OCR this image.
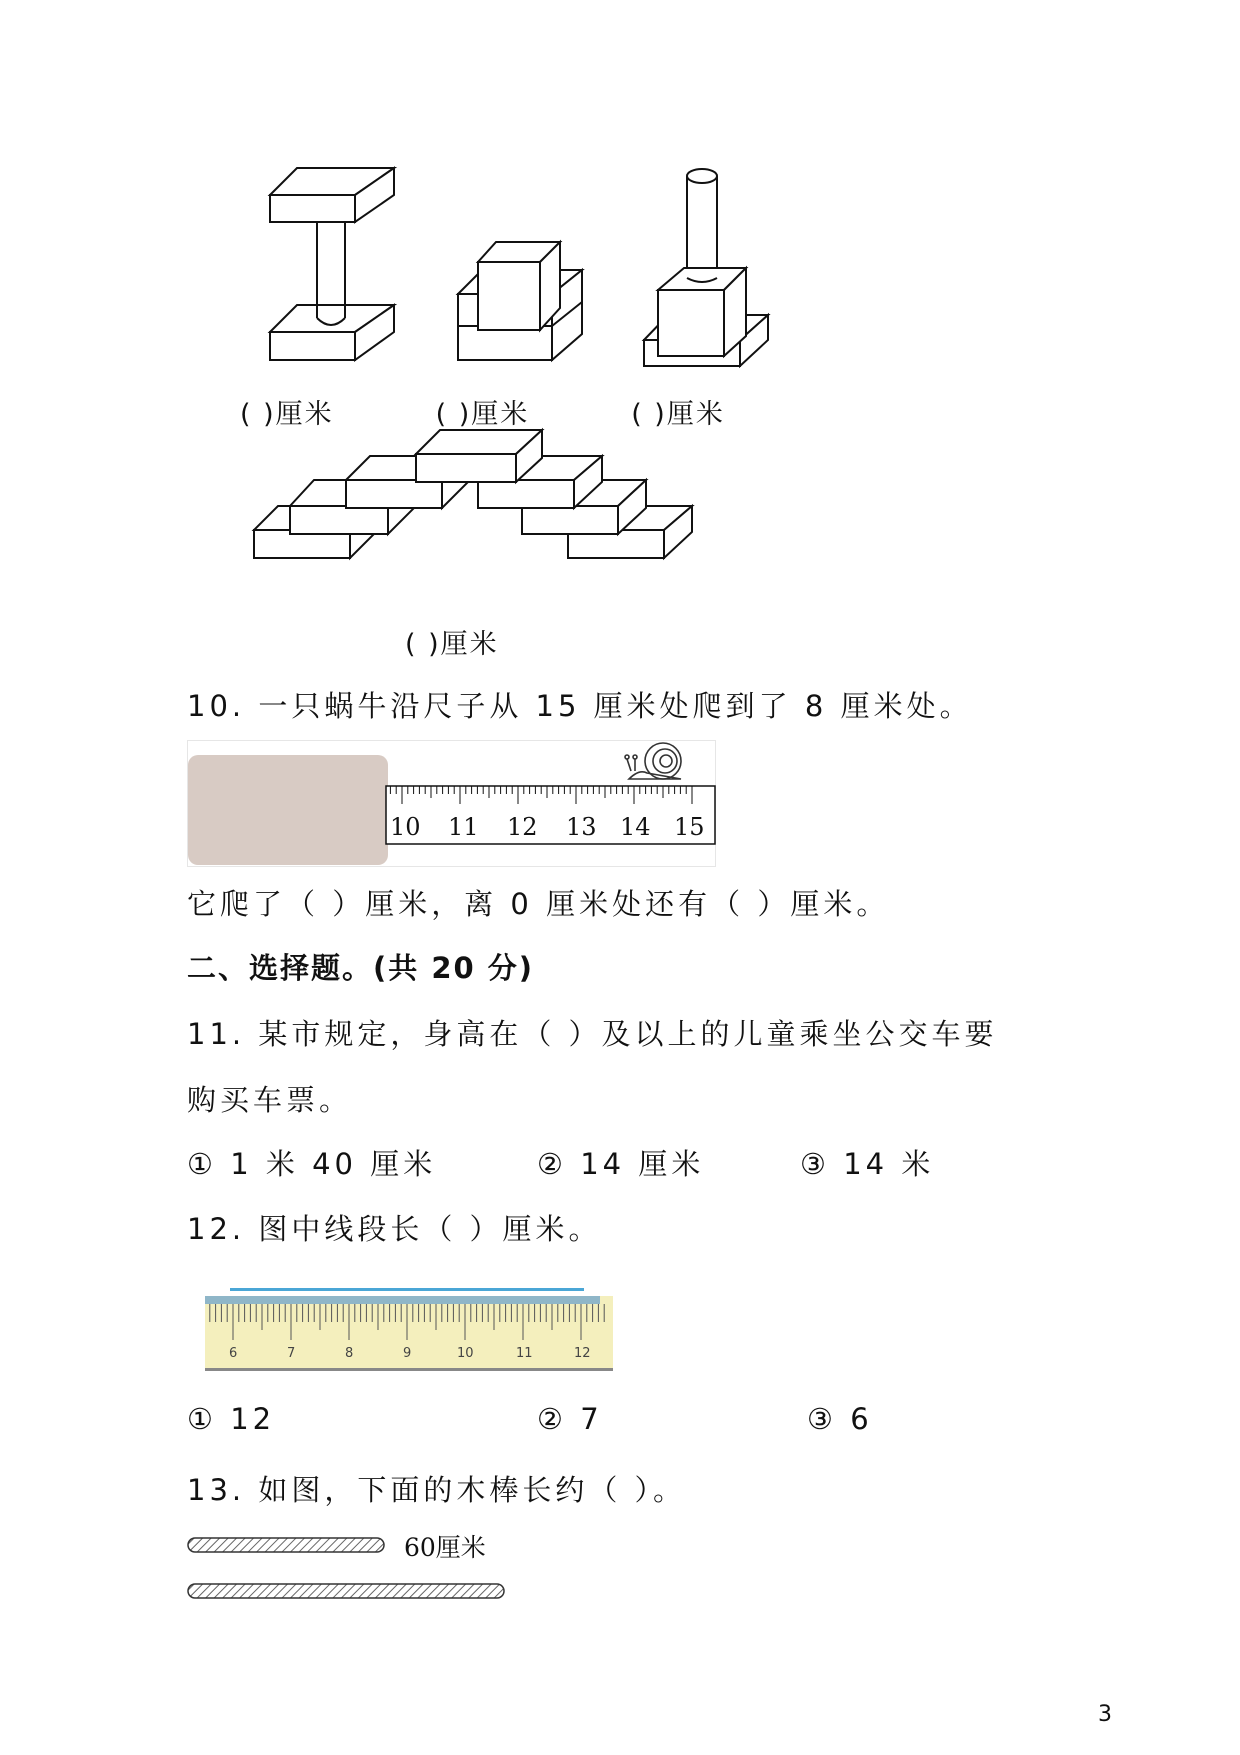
( )厘米	( )厘米	( )厘米
( )厘米
10. 一只蜗牛沿尺子从 15 厘米处爬到了 8 厘米处。
10 11 12 13 14 15
它爬了（ ）厘米，离 0 厘米处还有（ ）厘米。
二、选择题。(共 20 分)
11. 某市规定，身高在（ ）及以上的儿童乘坐公交车要
购买车票。
① 1 米 40 厘米	② 14 厘米	③ 14 米
12. 图中线段长（ ）厘米。
6	7	8	9	10	11	12
① 12	② 7	③ 6
13. 如图，下面的木棒长约（ ）。
60厘米
3
